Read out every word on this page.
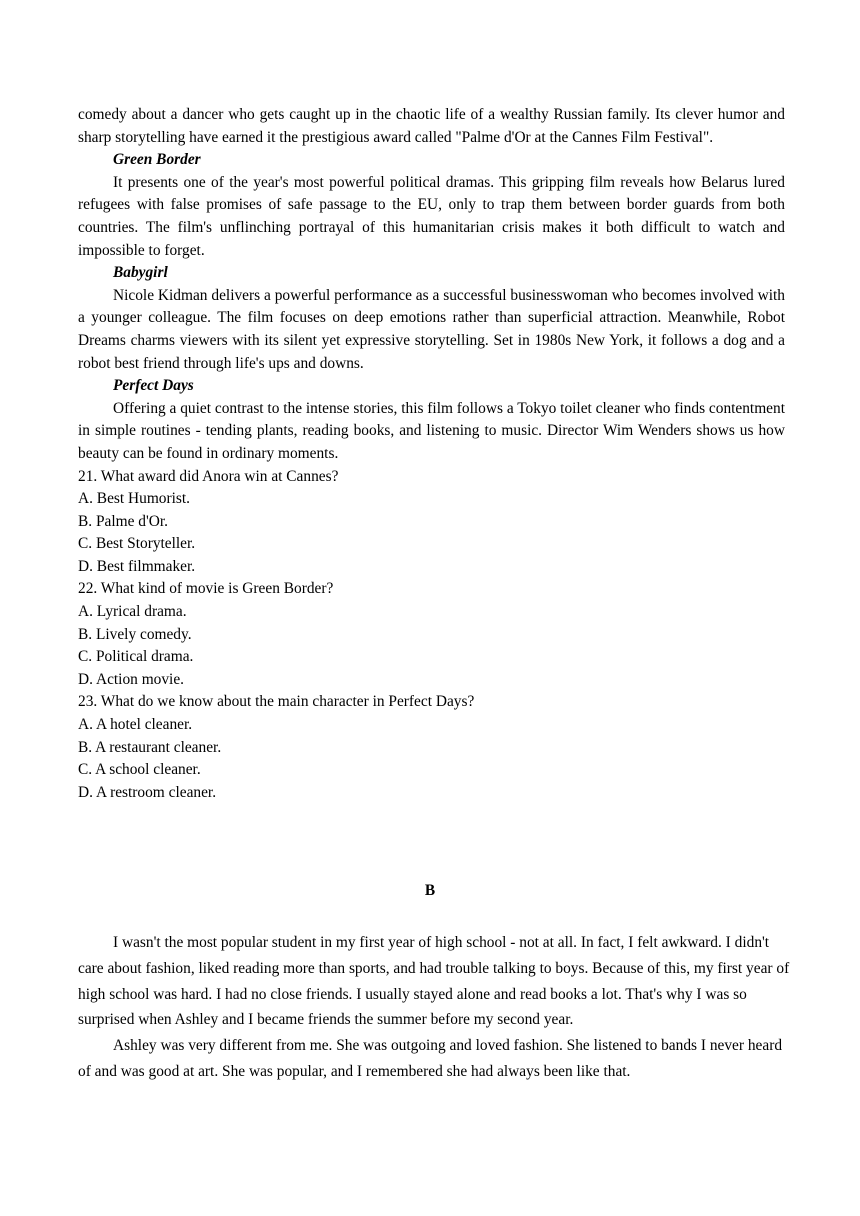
comedy about a dancer who gets caught up in the chaotic life of a wealthy Russian family. Its clever humor and sharp storytelling have earned it the prestigious award called "Palme d'Or at the Cannes Film Festival".

Green Border

It presents one of the year's most powerful political dramas. This gripping film reveals how Belarus lured refugees with false promises of safe passage to the EU, only to trap them between border guards from both countries. The film's unflinching portrayal of this humanitarian crisis makes it both difficult to watch and impossible to forget.

Babygirl

Nicole Kidman delivers a powerful performance as a successful businesswoman who becomes involved with a younger colleague. The film focuses on deep emotions rather than superficial attraction. Meanwhile, Robot Dreams charms viewers with its silent yet expressive storytelling. Set in 1980s New York, it follows a dog and a robot best friend through life's ups and downs.

Perfect Days

Offering a quiet contrast to the intense stories, this film follows a Tokyo toilet cleaner who finds contentment in simple routines - tending plants, reading books, and listening to music. Director Wim Wenders shows us how beauty can be found in ordinary moments.

21. What award did Anora win at Cannes?

A. Best Humorist.

B. Palme d'Or.

C. Best Storyteller.

D. Best filmmaker.

22. What kind of movie is Green Border?

A. Lyrical drama.

B. Lively comedy.

C. Political drama.

D. Action movie.

23. What do we know about the main character in Perfect Days?

A. A hotel cleaner.

B. A restaurant cleaner.

C. A school cleaner.

D. A restroom cleaner.

B

I wasn't the most popular student in my first year of high school - not at all. In fact, I felt awkward. I didn't care about fashion, liked reading more than sports, and had trouble talking to boys. Because of this, my first year of high school was hard. I had no close friends. I usually stayed alone and read books a lot. That's why I was so surprised when Ashley and I became friends the summer before my second year.

Ashley was very different from me. She was outgoing and loved fashion. She listened to bands I never heard of and was good at art. She was popular, and I remembered she had always been like that.
